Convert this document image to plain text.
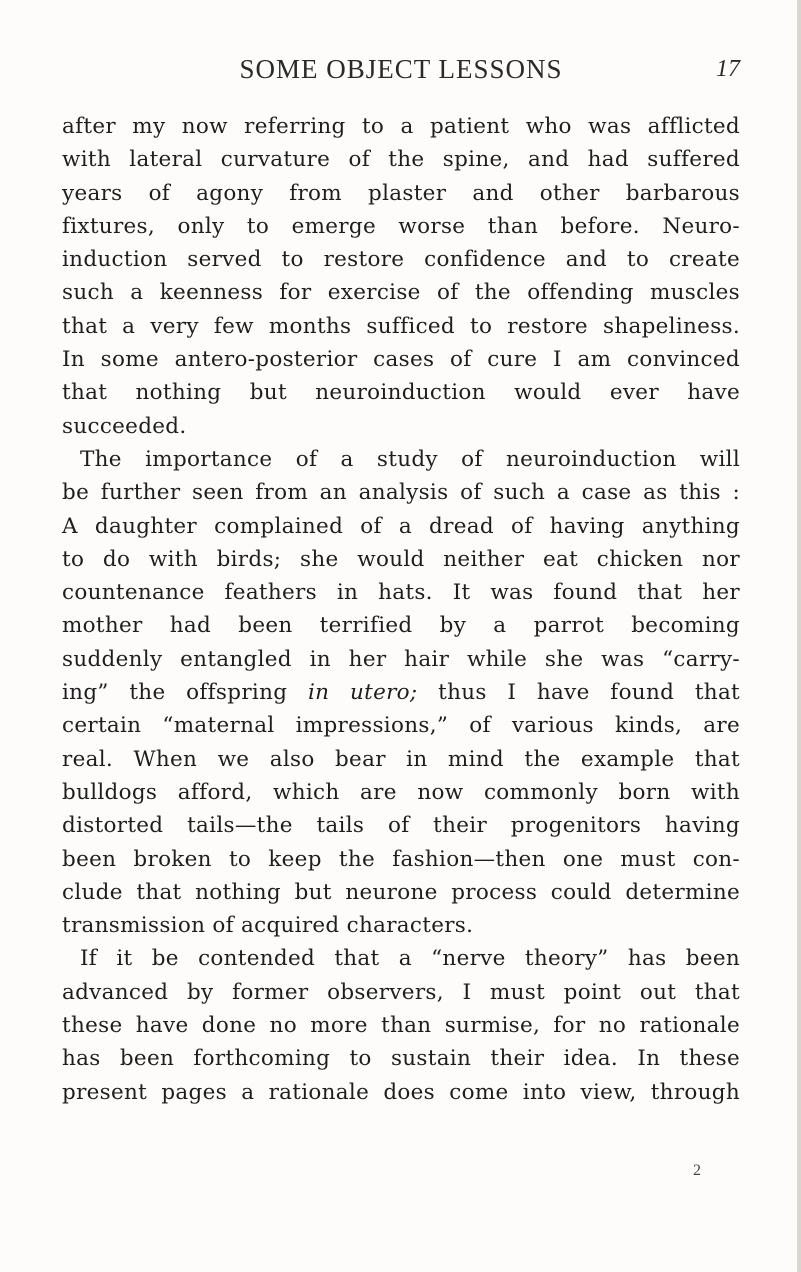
SOME OBJECT LESSONS	17
after my now referring to a patient who was afflicted
with lateral curvature of the spine, and had suffered
years of agony from plaster and other barbarous
fixtures, only to emerge worse than before. Neuro-
induction served to restore confidence and to create
such a keenness for exercise of the offending muscles
that a very few months sufficed to restore shapeliness.
In some antero-posterior cases of cure I am convinced
that nothing but neuroinduction would ever have
succeeded.
The importance of a study of neuroinduction will
be further seen from an analysis of such a case as this :
A daughter complained of a dread of having anything
to do with birds; she would neither eat chicken nor
countenance feathers in hats. It was found that her
mother had been terrified by a parrot becoming
suddenly entangled in her hair while she was “carry-
ing” the offspring in utero; thus I have found that
certain “maternal impressions,” of various kinds, are
real. When we also bear in mind the example that
bulldogs afford, which are now commonly born with
distorted tails—the tails of their progenitors having
been broken to keep the fashion—then one must con-
clude that nothing but neurone process could determine
transmission of acquired characters.
If it be contended that a “nerve theory” has been
advanced by former observers, I must point out that
these have done no more than surmise, for no rationale
has been forthcoming to sustain their idea. In these
present pages a rationale does come into view, through
2
